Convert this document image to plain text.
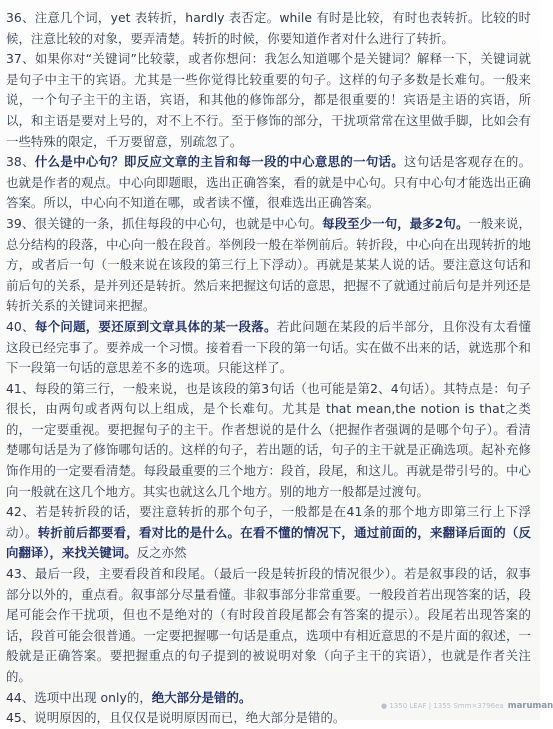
36、注意几个词，yet 表转折，hardly 表否定。while 有时是比较，有时也表转折。比较的时候，注意比较的对象，要弄清楚。转折的时候，你要知道作者对什么进行了转折。

37、如果你对“关键词”比较蒙，或者你想问：我怎么知道哪个是关键词？解释一下，关键词就是句子中主干的宾语。尤其是一些你觉得比较重要的句子。这样的句子多数是长难句。一般来说，一个句子主干的主语，宾语，和其他的修饰部分，都是很重要的！宾语是主语的宾语，所以，和主语是要对上号的，对不上不行。至于修饰的部分，干扰项常常在这里做手脚，比如会有一些特殊的限定，千万要留意，别疏忽了。

38、什么是中心句？即反应文章的主旨和每一段的中心意思的一句话。这句话是客观存在的。也就是作者的观点。中心向即题眼，选出正确答案，看的就是中心句。只有中心句才能选出正确答案。所以，中心向不知道在哪，或者读不懂，很难选出正确答案。

39、很关键的一条，抓住每段的中心句，也就是中心句。每段至少一句，最多2句。一般来说，总分结构的段落，中心向一般在段首。举例段一般在举例前后。转折段，中心向在出现转折的地方，或者后一句（一般来说在该段的第三行上下浮动）。再就是某某人说的话。要注意这句话和前后句的关系，是并列还是转折。然后来把握这句话的意思，把握不了就通过前后句是并列还是转折关系的关键词来把握。

40、每个问题，要还原到文章具体的某一段落。若此问题在某段的后半部分，且你没有太看懂这段已经完事了。要养成一个习惯。接着看一下段的第一句话。实在做不出来的话，就选那个和下一段第一句话的意思差不多的选项。只能这样了。

41、每段的第三行，一般来说，也是该段的第3句话（也可能是第2、4句话）。其特点是：句子很长，由两句或者两句以上组成，是个长难句。尤其是 that mean,the notion is that之类的，一定要重视。要把握句子的主干。作者想说的是什么（把握作者强调的是哪个句子）。看清楚哪句话是为了修饰哪句话的。这样的句子，若出题的话，句子的主干就是正确选项。起补充修饰作用的一定要看清楚。每段最重要的三个地方：段首，段尾，和这儿。再就是带引号的。中心向一般就在这几个地方。其实也就这么几个地方。别的地方一般都是过渡句。

42、若是转折段的话，要注意转折的那个句子，一般都是在41条的那个地方即第三行上下浮动）。转折前后都要看，看对比的是什么。在看不懂的情况下，通过前面的，来翻译后面的（反向翻译），来找关键词。反之亦然

43、最后一段，主要看段首和段尾。（最后一段是转折段的情况很少）。若是叙事段的话，叙事部分以外的，重点看。叙事部分尽量看懂。非叙事部分非常重要。一般段首若出现答案的话，段尾可能会作干扰项，但也不是绝对的（有时段首段尾都会有答案的提示）。段尾若出现答案的话，段首可能会很普通。一定要把握哪一句话是重点，选项中有相近意思的不是片面的叙述，一般就是正确答案。要把握重点的句子提到的被说明对象（向子主干的宾语），也就是作者关注的。

44、选项中出现 only的，绝大部分是错的。

45、说明原因的，且仅仅是说明原因而已，绝大部分是错的。

● 1350 LEAF | 1355 Smm×3796ea maruman
